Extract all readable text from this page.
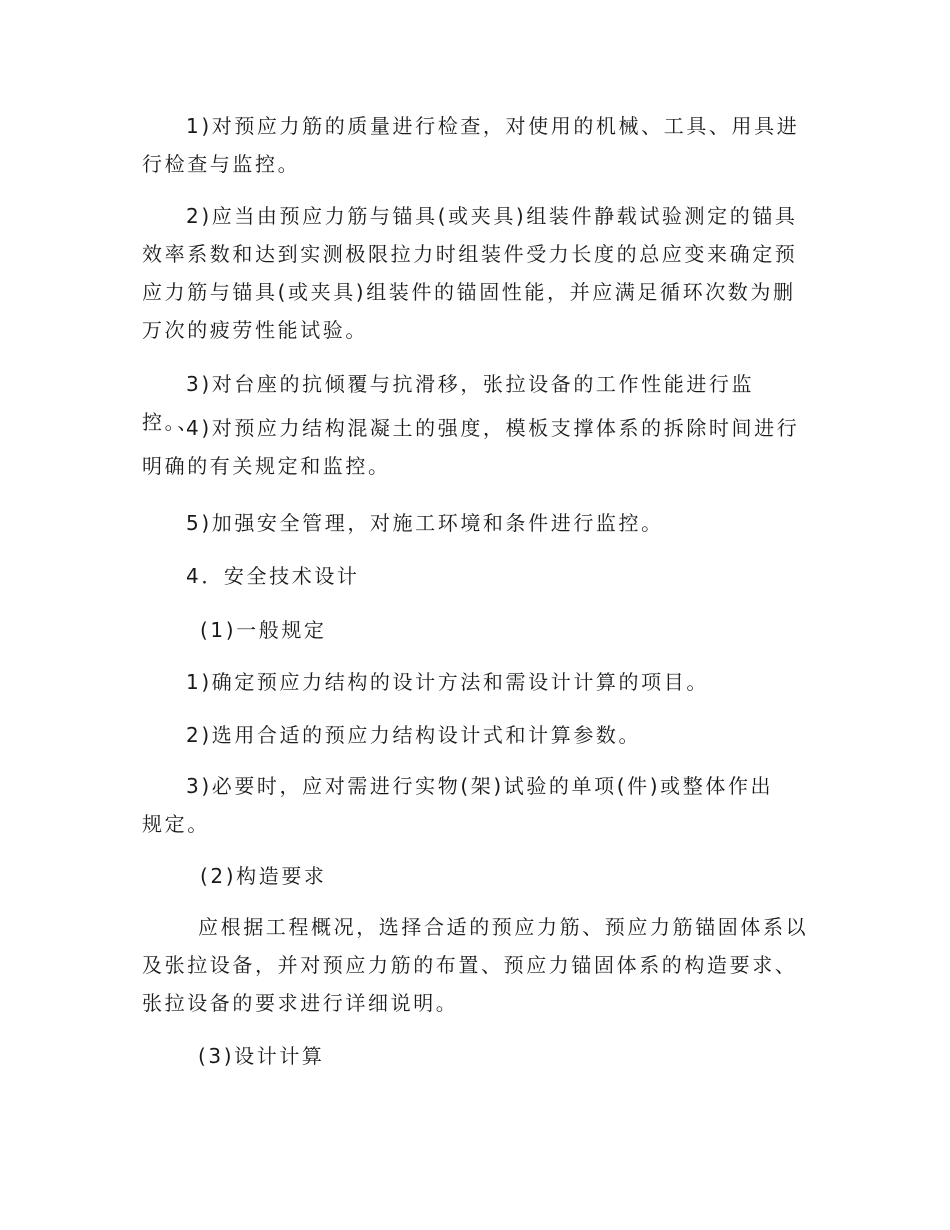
1)对预应力筋的质量进行检查，对使用的机械、工具、用具进行检查与监控。

2)应当由预应力筋与锚具(或夹具)组装件静载试验测定的锚具效率系数和达到实测极限拉力时组装件受力长度的总应变来确定预应力筋与锚具(或夹具)组装件的锚固性能，并应满足循环次数为删万次的疲劳性能试验。

3)对台座的抗倾覆与抗滑移，张拉设备的工作性能进行监控。、

4)对预应力结构混凝土的强度，模板支撑体系的拆除时间进行明确的有关规定和监控。

5)加强安全管理，对施工环境和条件进行监控。

4．安全技术设计

(1)一般规定

1)确定预应力结构的设计方法和需设计计算的项目。

2)选用合适的预应力结构设计式和计算参数。

3)必要时，应对需进行实物(架)试验的单项(件)或整体作出规定。

(2)构造要求

应根据工程概况，选择合适的预应力筋、预应力筋锚固体系以及张拉设备，并对预应力筋的布置、预应力锚固体系的构造要求、张拉设备的要求进行详细说明。

(3)设计计算
